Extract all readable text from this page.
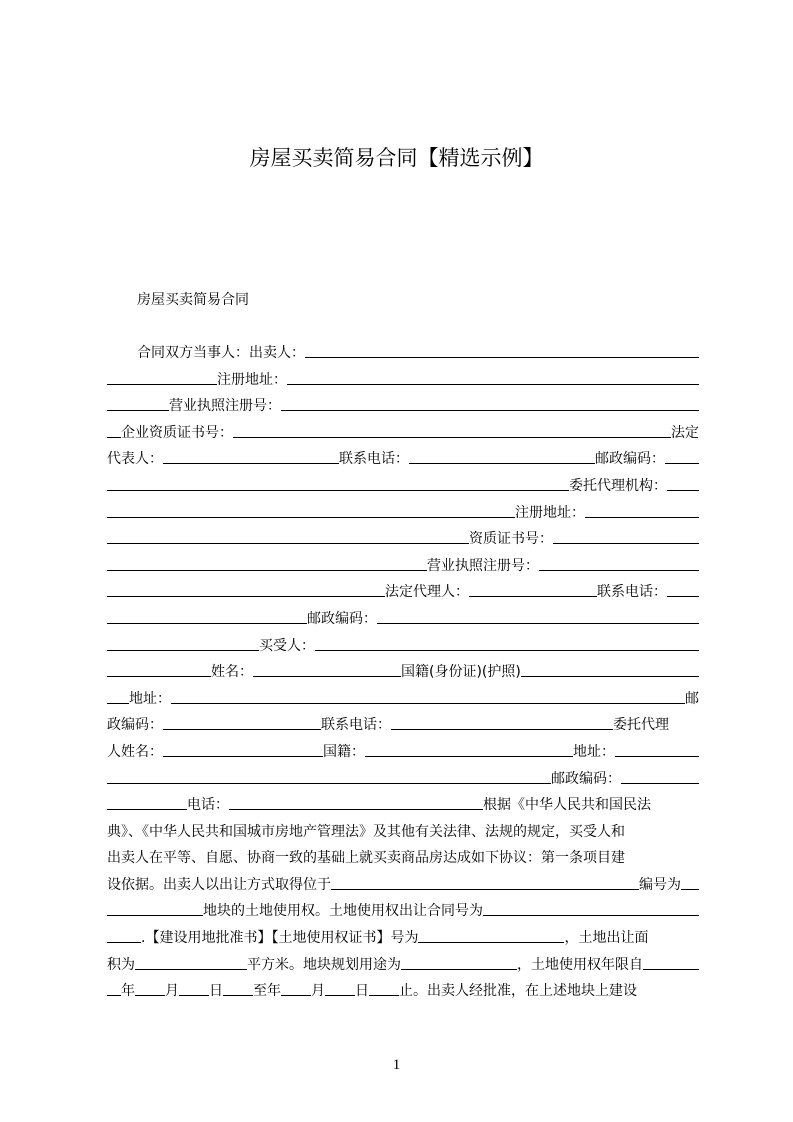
房屋买卖简易合同【精选示例】

房屋买卖简易合同

合同双方当事人：出卖人：
注册地址：
营业执照注册号：
企业资质证书号：	法定
代表人：	联系电话：	邮政编码：
委托代理机构：
注册地址：
资质证书号：
营业执照注册号：
法定代理人：	联系电话：
邮政编码：
买受人：
姓名：	国籍(身份证)(护照)
地址：	邮
政编码：	联系电话：	委托代理
人姓名：	国籍：	地址：
邮政编码：
电话：	根据《中华人民共和国民法
典》、《中华人民共和国城市房地产管理法》及其他有关法律、法规的规定，买受人和
出卖人在平等、自愿、协商一致的基础上就买卖商品房达成如下协议：第一条项目建
设依据。出卖人以出让方式取得位于	编号为
地块的土地使用权。土地使用权出让合同号为
.【建设用地批准书】【土地使用权证书】号为	，土地出让面
积为	平方米。地块规划用途为	，土地使用权年限自
年 月 日 至年 月 日 止。出卖人经批准，在上述地块上建设

1
